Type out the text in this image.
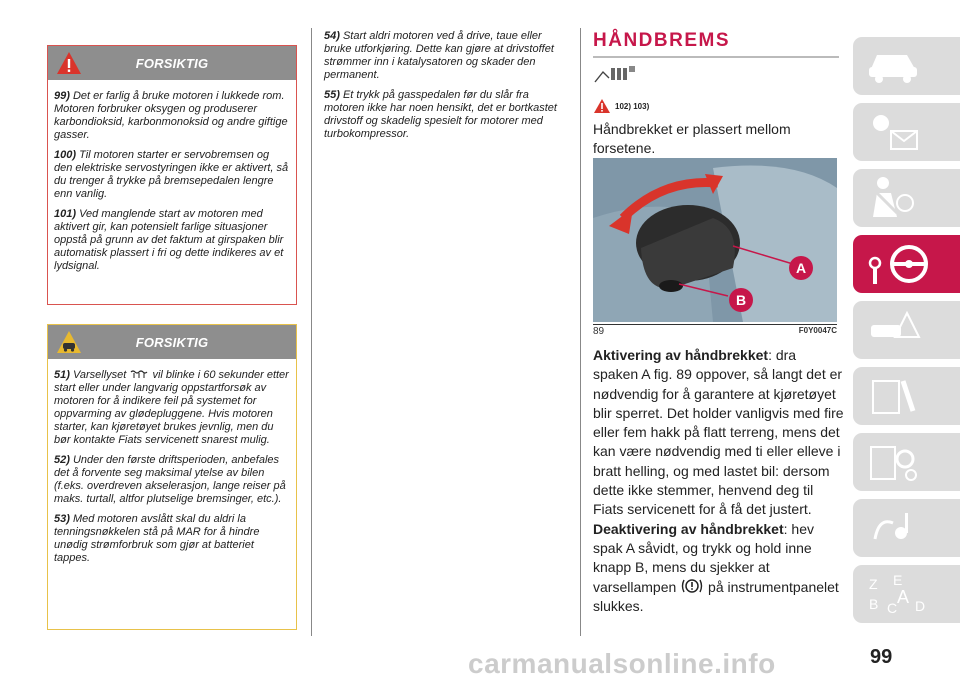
FORSIKTIG

99) Det er farlig å bruke motoren i lukkede rom. Motoren forbruker oksygen og produserer karbondioksid, karbonmonoksid og andre giftige gasser.

100) Til motoren starter er servobremsen og den elektriske servostyringen ikke er aktivert, så du trenger å trykke på bremsepedalen lengre enn vanlig.

101) Ved manglende start av motoren med aktivert gir, kan potensielt farlige situasjoner oppstå på grunn av det faktum at girspaken blir automatisk plassert i fri og dette indikeres av et lydsignal.

FORSIKTIG

51) Varsellyset vil blinke i 60 sekunder etter start eller under langvarig oppstartforsøk av motoren for å indikere feil på systemet for oppvarming av glødepluggene. Hvis motoren starter, kan kjøretøyet brukes jevnlig, men du bør kontakte Fiats servicenett snarest mulig.

52) Under den første driftsperioden, anbefales det å forvente seg maksimal ytelse av bilen (f.eks. overdreven akselerasjon, lange reiser på maks. turtall, altfor plutselige bremsinger, etc.).

53) Med motoren avslått skal du aldri la tenningsnøkkelen stå på MAR for å hindre unødig strømforbruk som gjør at batteriet tappes.

54) Start aldri motoren ved å drive, taue eller bruke utforkjøring. Dette kan gjøre at drivstoffet strømmer inn i katalysatoren og skader den permanent.

55) Et trykk på gasspedalen før du slår fra motoren ikke har noen hensikt, det er bortkastet drivstoff og skadelig spesielt for motorer med turbokompressor.

HÅNDBREMS
102) 103)

Håndbrekket er plassert mellom forsetene.

A
B
89	F0Y0047C
Aktivering av håndbrekket: dra spaken A fig. 89 oppover, så langt det er nødvendig for å garantere at kjøretøyet blir sperret. Det holder vanligvis med fire eller fem hakk på flatt terreng, mens det kan være nødvendig med ti eller elleve i bratt helling, og med lastet bil: dersom dette ikke stemmer, henvend deg til Fiats servicenett for å få det justert.
Deaktivering av håndbrekket: hev spak A såvidt, og trykk og hold inne knapp B, mens du sjekker at varsellampen på instrumentpanelet slukkes.
Z E
B C
A D
99
carmanualsonline.info
